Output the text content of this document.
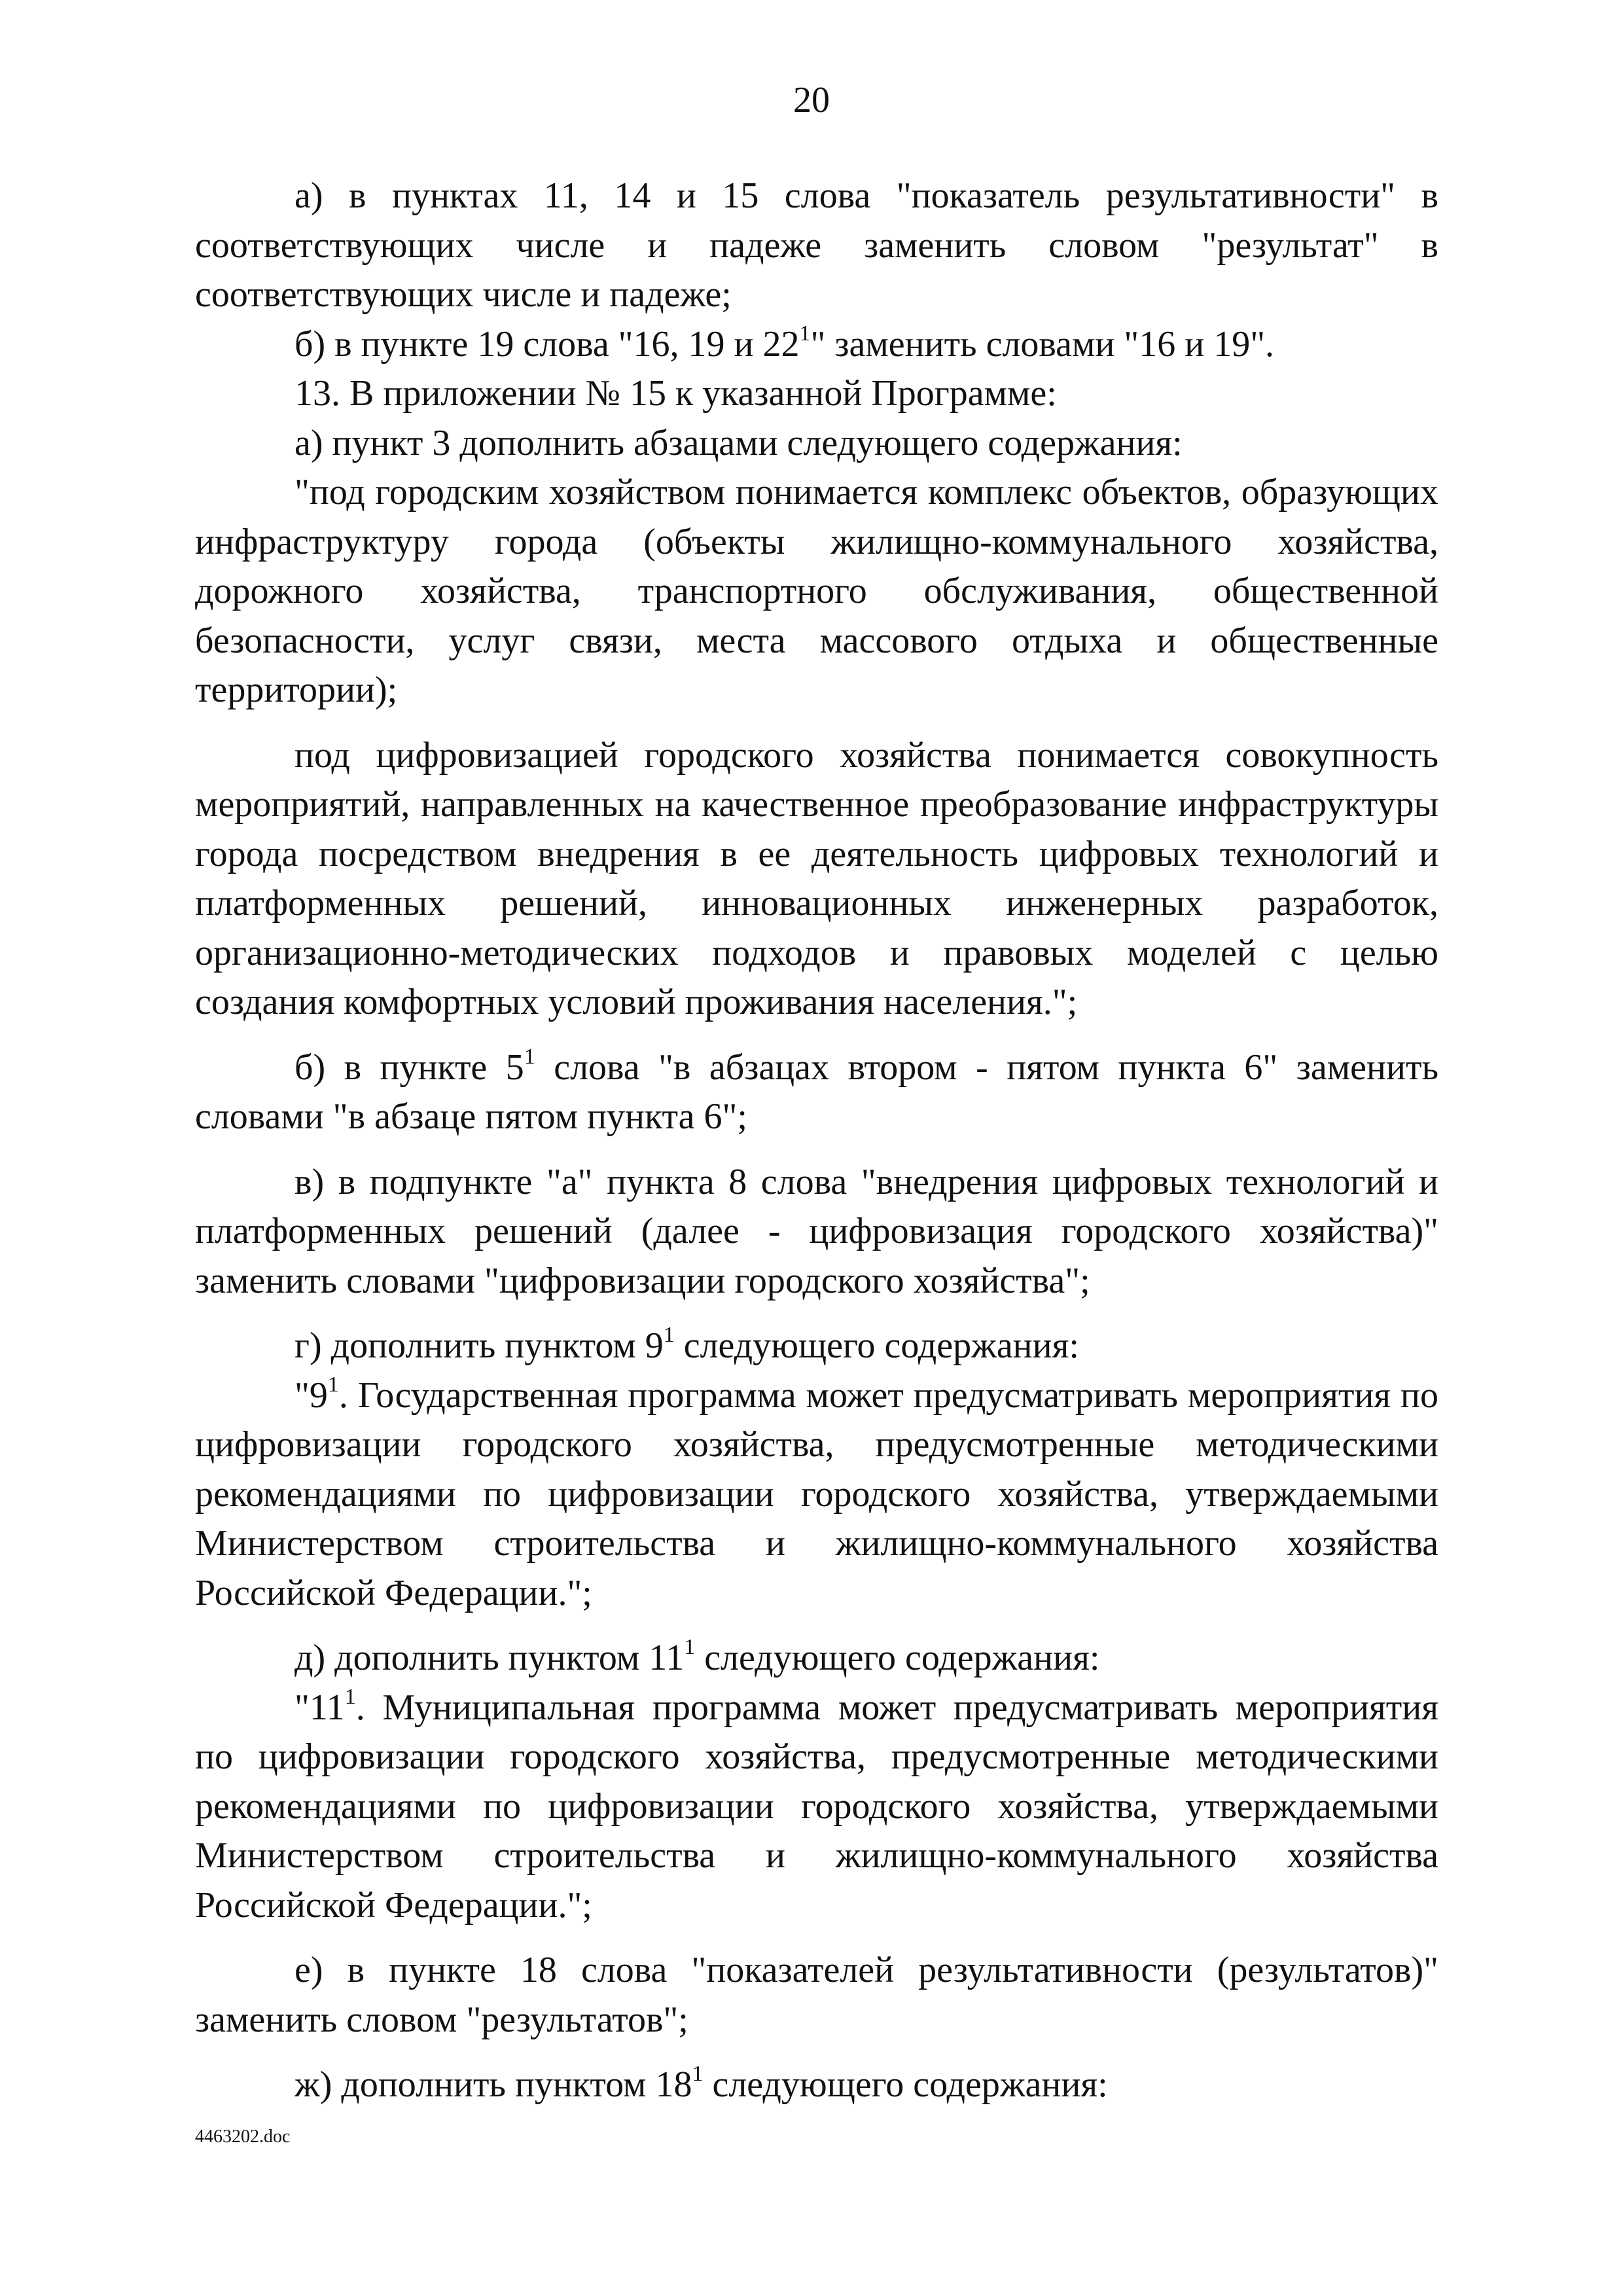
20

а) в пунктах 11, 14 и 15 слова "показатель результативности" в соответствующих числе и падеже заменить словом "результат" в соответствующих числе и падеже;

б) в пункте 19 слова "16, 19 и $22^1$" заменить словами "16 и 19".

13. В приложении № 15 к указанной Программе:

а) пункт 3 дополнить абзацами следующего содержания:

"под городским хозяйством понимается комплекс объектов, образующих инфраструктуру города (объекты жилищно-коммунального хозяйства, дорожного хозяйства, транспортного обслуживания, общественной безопасности, услуг связи, места массового отдыха и общественные территории);

под цифровизацией городского хозяйства понимается совокупность мероприятий, направленных на качественное преобразование инфраструктуры города посредством внедрения в ее деятельность цифровых технологий и платформенных решений, инновационных инженерных разработок, организационно-методических подходов и правовых моделей с целью создания комфортных условий проживания населения.";

б) в пункте $5^1$ слова "в абзацах втором - пятом пункта 6" заменить словами "в абзаце пятом пункта 6";

в) в подпункте "а" пункта 8 слова "внедрения цифровых технологий и платформенных решений (далее - цифровизация городского хозяйства)" заменить словами "цифровизации городского хозяйства";

г) дополнить пунктом $9^1$ следующего содержания:

"$9^1$. Государственная программа может предусматривать мероприятия по цифровизации городского хозяйства, предусмотренные методическими рекомендациями по цифровизации городского хозяйства, утверждаемыми Министерством строительства и жилищно-коммунального хозяйства Российской Федерации.";

д) дополнить пунктом $11^1$ следующего содержания:

"$11^1$. Муниципальная программа может предусматривать мероприятия по цифровизации городского хозяйства, предусмотренные методическими рекомендациями по цифровизации городского хозяйства, утверждаемыми Министерством строительства и жилищно-коммунального хозяйства Российской Федерации.";

е) в пункте 18 слова "показателей результативности (результатов)" заменить словом "результатов";

ж) дополнить пунктом $18^1$ следующего содержания:

4463202.doc
